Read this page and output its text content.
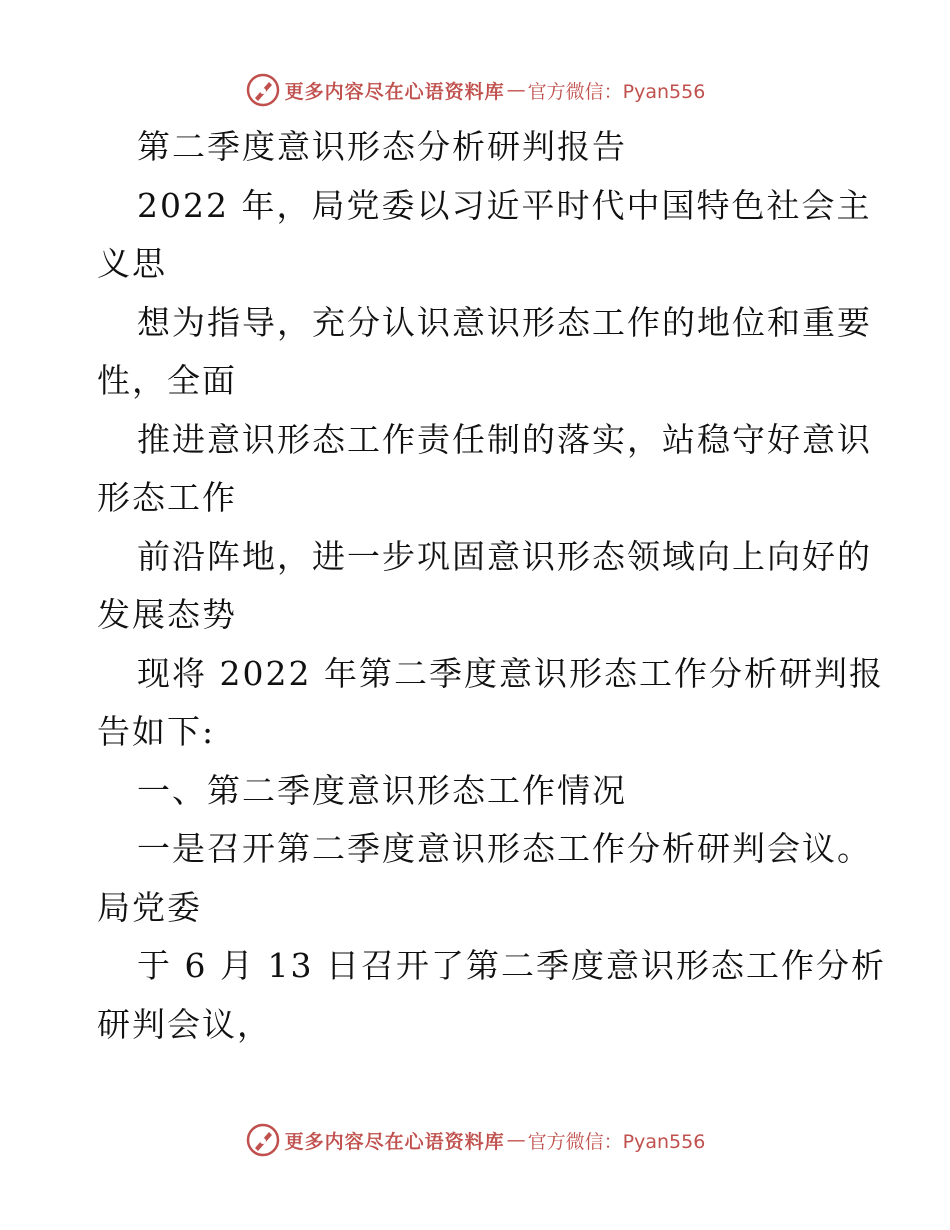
更多内容尽在心语资料库 — 官方微信：Pyan556
第二季度意识形态分析研判报告
2022 年，局党委以习近平时代中国特色社会主
义思
想为指导，充分认识意识形态工作的地位和重要
性，全面
推进意识形态工作责任制的落实，站稳守好意识
形态工作
前沿阵地，进一步巩固意识形态领域向上向好的
发展态势
现将 2022 年第二季度意识形态工作分析研判报
告如下:
一、第二季度意识形态工作情况
一是召开第二季度意识形态工作分析研判会议。
局党委
于 6 月 13 日召开了第二季度意识形态工作分析
研判会议，
更多内容尽在心语资料库 — 官方微信：Pyan556
